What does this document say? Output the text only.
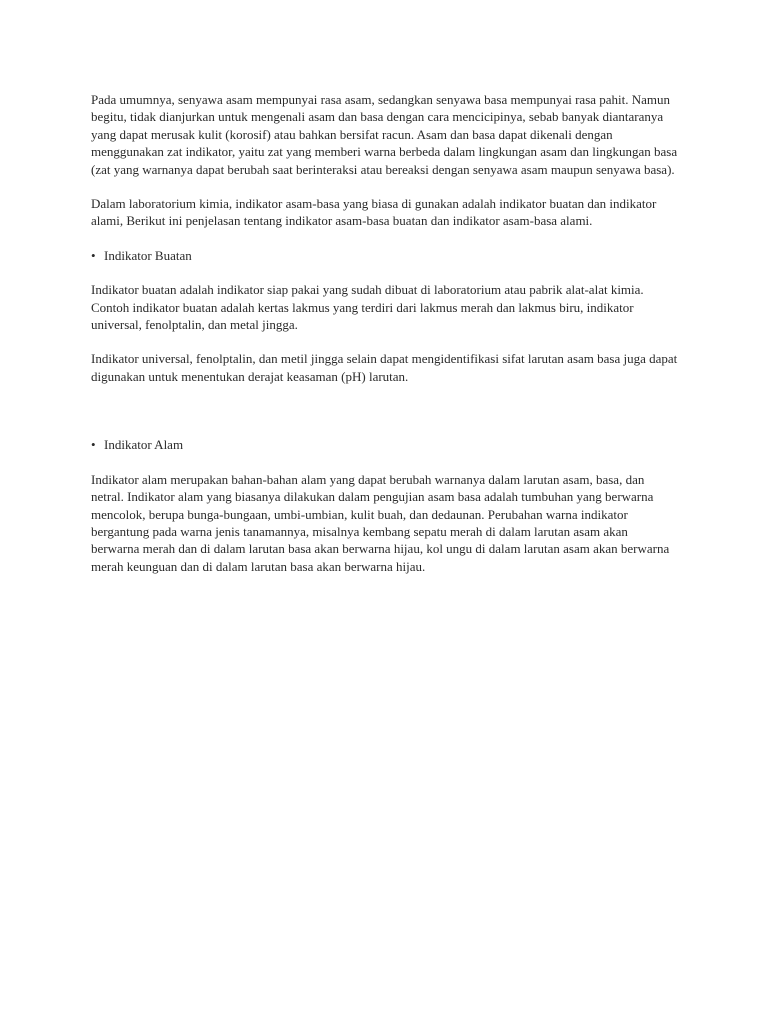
Pada umumnya, senyawa asam mempunyai rasa asam, sedangkan senyawa basa mempunyai rasa pahit. Namun begitu, tidak dianjurkan untuk mengenali asam dan basa dengan cara mencicipinya, sebab banyak diantaranya yang dapat merusak kulit (korosif) atau bahkan bersifat racun. Asam dan basa dapat dikenali dengan menggunakan zat indikator, yaitu zat yang memberi warna berbeda dalam lingkungan asam dan lingkungan basa (zat yang warnanya dapat berubah saat berinteraksi atau bereaksi dengan senyawa asam maupun senyawa basa).

Dalam laboratorium kimia, indikator asam-basa yang biasa di gunakan adalah indikator buatan dan indikator alami, Berikut ini penjelasan tentang indikator asam-basa buatan dan indikator asam-basa alami.

• Indikator Buatan

Indikator buatan adalah indikator siap pakai yang sudah dibuat di laboratorium atau pabrik alat-alat kimia. Contoh indikator buatan adalah kertas lakmus yang terdiri dari lakmus merah dan lakmus biru, indikator universal, fenolptalin, dan metal jingga.

Indikator universal, fenolptalin, dan metil jingga selain dapat mengidentifikasi sifat larutan asam basa juga dapat digunakan untuk menentukan derajat keasaman (pH) larutan.

• Indikator Alam

Indikator alam merupakan bahan-bahan alam yang dapat berubah warnanya dalam larutan asam, basa, dan netral. Indikator alam yang biasanya dilakukan dalam pengujian asam basa adalah tumbuhan yang berwarna mencolok, berupa bunga-bungaan, umbi-umbian, kulit buah, dan dedaunan. Perubahan warna indikator bergantung pada warna jenis tanamannya, misalnya kembang sepatu merah di dalam larutan asam akan berwarna merah dan di dalam larutan basa akan berwarna hijau, kol ungu di dalam larutan asam akan berwarna merah keunguan dan di dalam larutan basa akan berwarna hijau.
